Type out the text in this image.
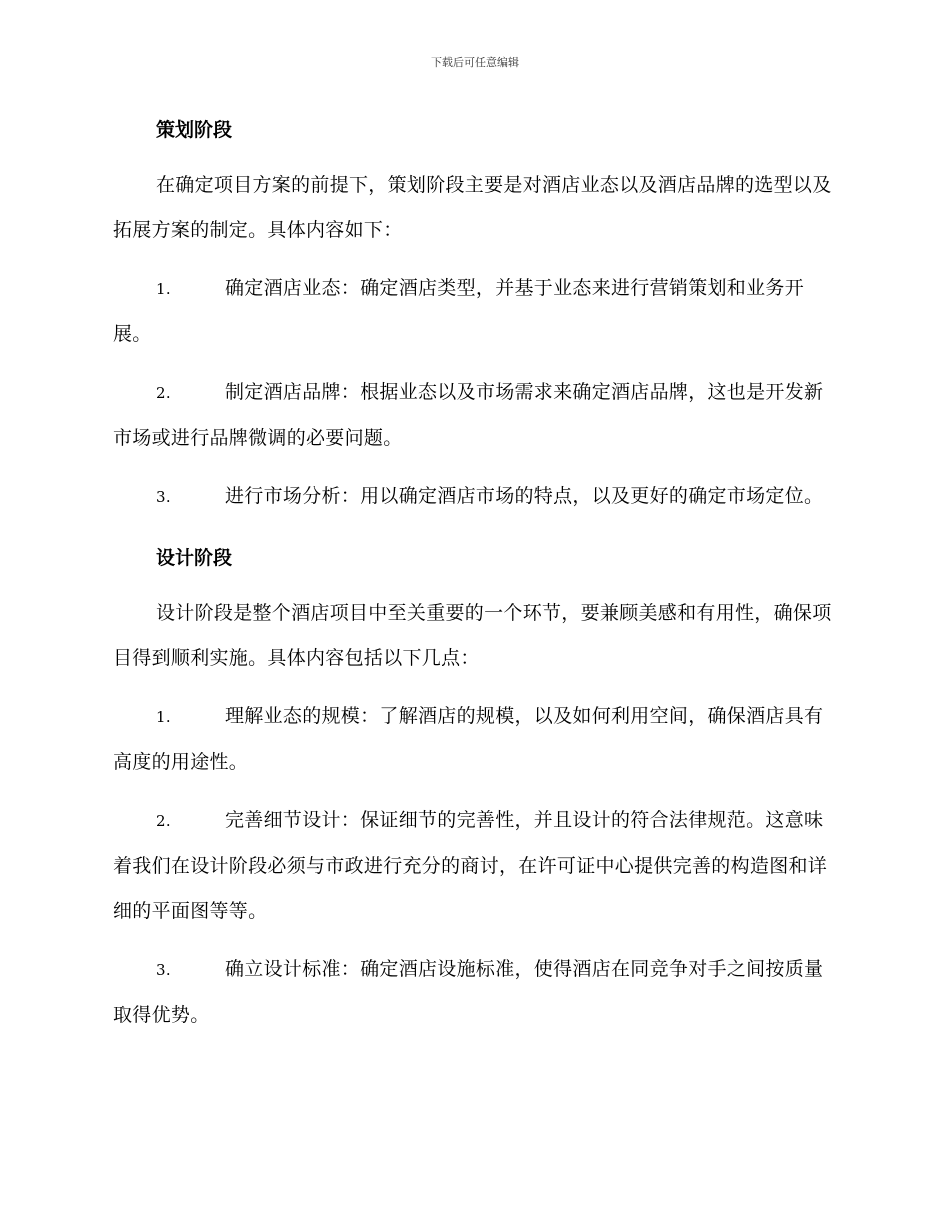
下载后可任意编辑
策划阶段

在确定项目方案的前提下，策划阶段主要是对酒店业态以及酒店品牌的选型以及拓展方案的制定。具体内容如下：

1.	确定酒店业态：确定酒店类型，并基于业态来进行营销策划和业务开展。

2.	制定酒店品牌：根据业态以及市场需求来确定酒店品牌，这也是开发新市场或进行品牌微调的必要问题。

3.	进行市场分析：用以确定酒店市场的特点，以及更好的确定市场定位。

设计阶段

设计阶段是整个酒店项目中至关重要的一个环节，要兼顾美感和有用性，确保项目得到顺利实施。具体内容包括以下几点：

1.	理解业态的规模：了解酒店的规模，以及如何利用空间，确保酒店具有高度的用途性。

2.	完善细节设计：保证细节的完善性，并且设计的符合法律规范。这意味着我们在设计阶段必须与市政进行充分的商讨，在许可证中心提供完善的构造图和详细的平面图等等。

3.	确立设计标准：确定酒店设施标准，使得酒店在同竞争对手之间按质量取得优势。
